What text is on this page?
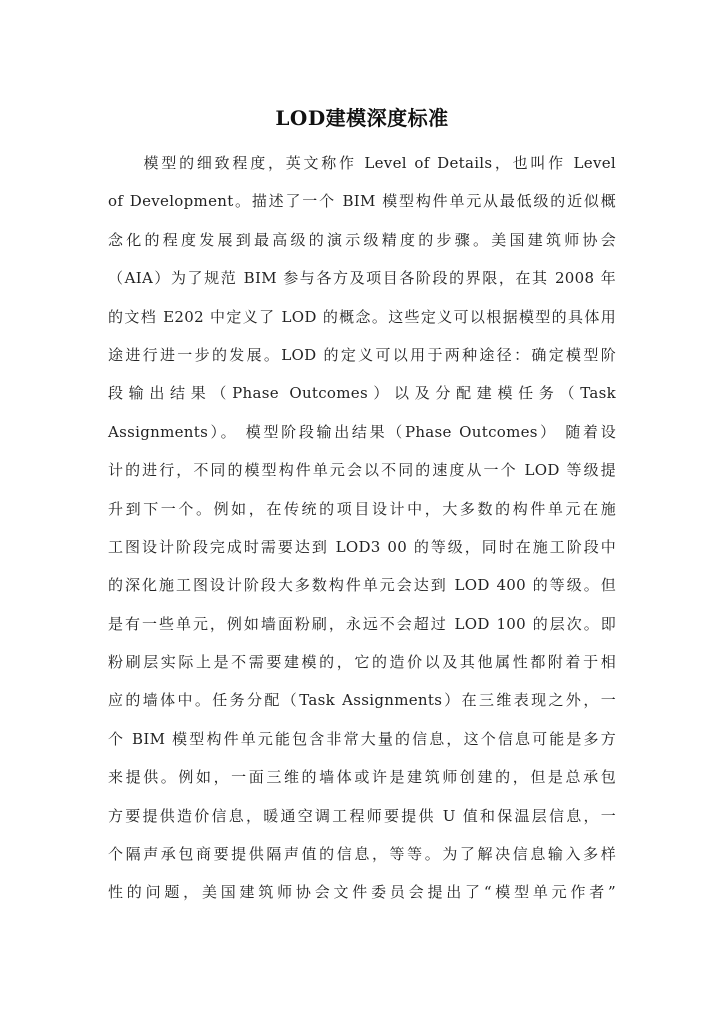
LOD建模深度标准
　　模型的细致程度，英文称作 Level of Details，也叫作 Level
of Development。描述了一个 BIM 模型构件单元从最低级的近似概
念化的程度发展到最高级的演示级精度的步骤。美国建筑师协会
（AIA）为了规范 BIM 参与各方及项目各阶段的界限，在其 2008 年
的文档 E202 中定义了 LOD 的概念。这些定义可以根据模型的具体用
途进行进一步的发展。LOD 的定义可以用于两种途径：确定模型阶
段输出结果（Phase Outcomes）以及分配建模任务（Task
Assignments）。 模型阶段输出结果（Phase Outcomes） 随着设
计的进行，不同的模型构件单元会以不同的速度从一个 LOD 等级提
升到下一个。例如，在传统的项目设计中，大多数的构件单元在施
工图设计阶段完成时需要达到 LOD3 00 的等级，同时在施工阶段中
的深化施工图设计阶段大多数构件单元会达到 LOD 400 的等级。但
是有一些单元，例如墙面粉刷，永远不会超过 LOD 100 的层次。即
粉刷层实际上是不需要建模的，它的造价以及其他属性都附着于相
应的墙体中。任务分配（Task Assignments）在三维表现之外，一
个 BIM 模型构件单元能包含非常大量的信息，这个信息可能是多方
来提供。例如，一面三维的墙体或许是建筑师创建的，但是总承包
方要提供造价信息，暖通空调工程师要提供 U 值和保温层信息，一
个隔声承包商要提供隔声值的信息，等等。为了解决信息输入多样
性的问题，美国建筑师协会文件委员会提出了“模型单元作者”
